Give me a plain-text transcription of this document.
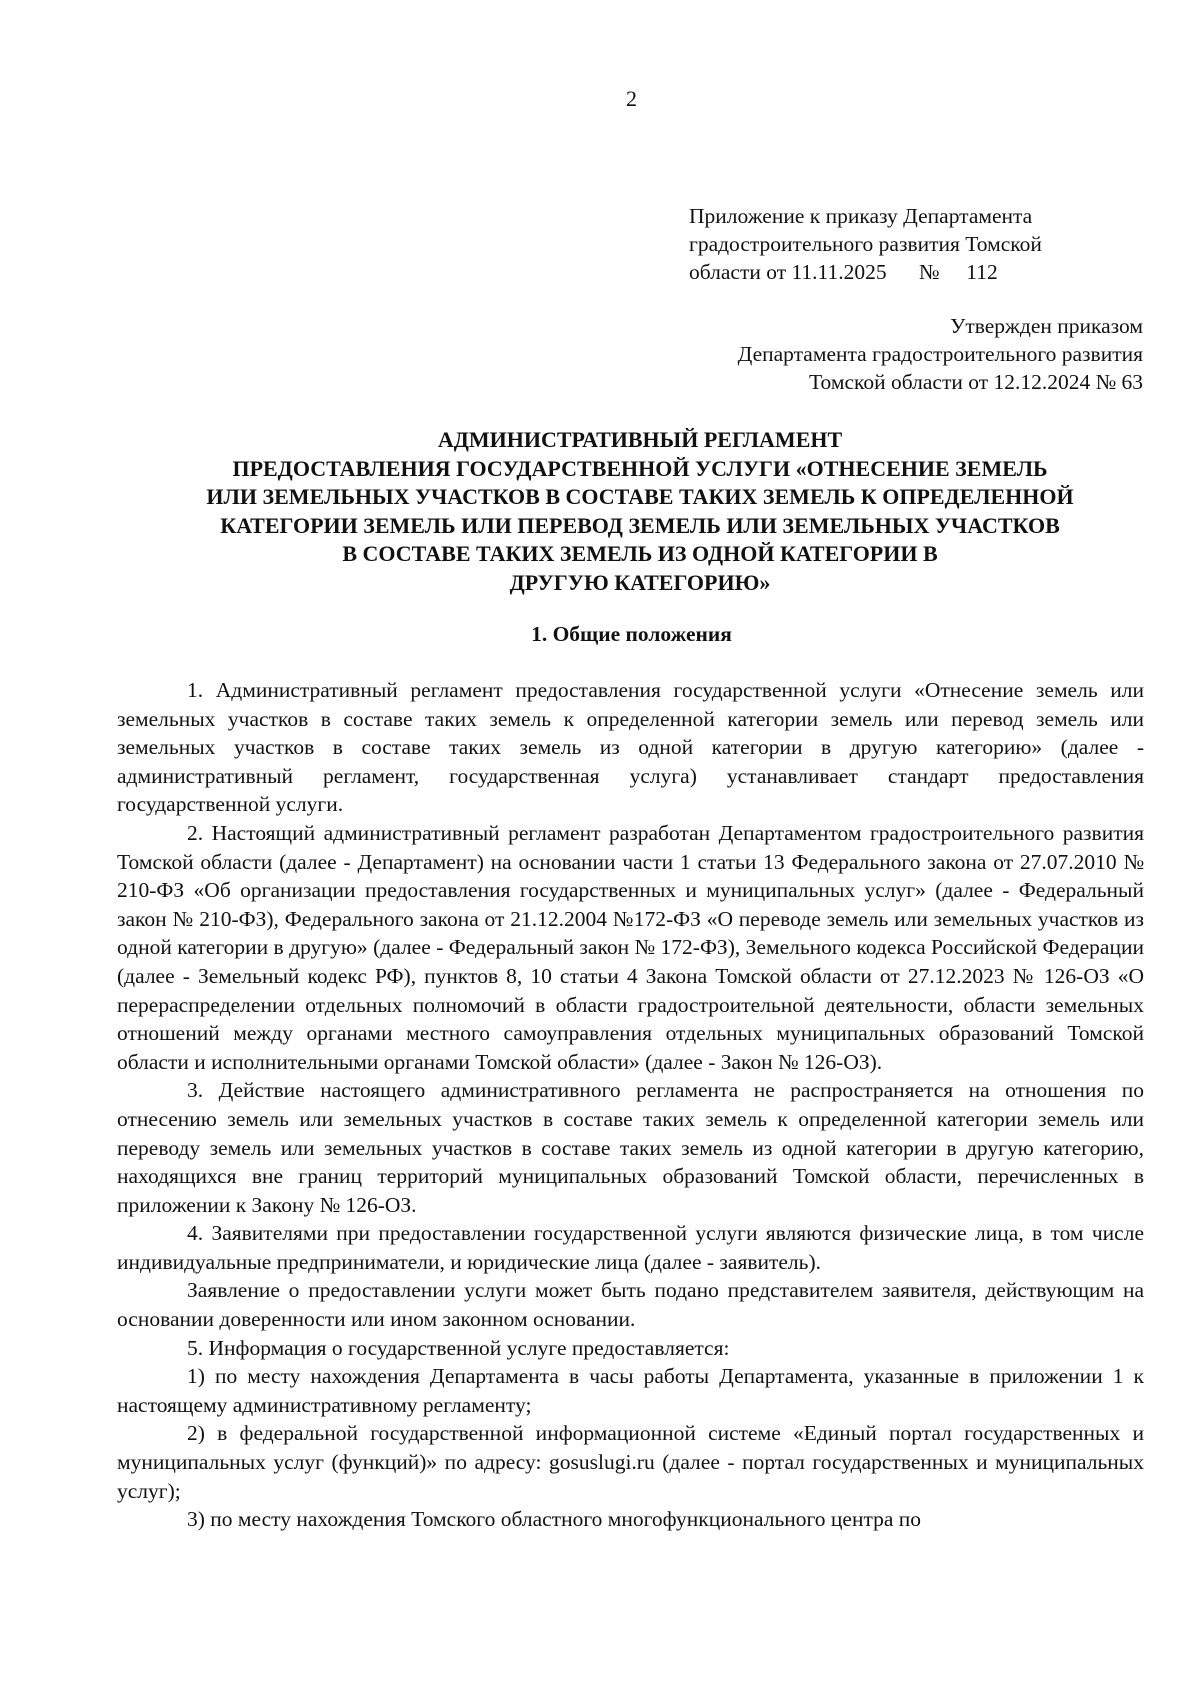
2
Приложение к приказу Департамента
градостроительного развития Томской
области от 11.11.2025      №     112
Утвержден приказом
Департамента градостроительного развития
Томской области от 12.12.2024 № 63
АДМИНИСТРАТИВНЫЙ РЕГЛАМЕНТ
ПРЕДОСТАВЛЕНИЯ ГОСУДАРСТВЕННОЙ УСЛУГИ «ОТНЕСЕНИЕ ЗЕМЕЛЬ
ИЛИ ЗЕМЕЛЬНЫХ УЧАСТКОВ В СОСТАВЕ ТАКИХ ЗЕМЕЛЬ К ОПРЕДЕЛЕННОЙ
КАТЕГОРИИ ЗЕМЕЛЬ ИЛИ ПЕРЕВОД ЗЕМЕЛЬ ИЛИ ЗЕМЕЛЬНЫХ УЧАСТКОВ
В СОСТАВЕ ТАКИХ ЗЕМЕЛЬ ИЗ ОДНОЙ КАТЕГОРИИ В
ДРУГУЮ КАТЕГОРИЮ»
1. Общие положения

1. Административный регламент предоставления государственной услуги «Отнесение земель или земельных участков в составе таких земель к определенной категории земель или перевод земель или земельных участков в составе таких земель из одной категории в другую категорию» (далее - административный регламент, государственная услуга) устанавливает стандарт предоставления государственной услуги.

2. Настоящий административный регламент разработан Департаментом градостроительного развития Томской области (далее - Департамент) на основании части 1 статьи 13 Федерального закона от 27.07.2010 № 210-ФЗ «Об организации предоставления государственных и муниципальных услуг» (далее - Федеральный закон № 210-ФЗ), Федерального закона от 21.12.2004 №172-ФЗ «О переводе земель или земельных участков из одной категории в другую» (далее - Федеральный закон № 172-ФЗ), Земельного кодекса Российской Федерации (далее - Земельный кодекс РФ), пунктов 8, 10 статьи 4 Закона Томской области от 27.12.2023 № 126-ОЗ «О перераспределении отдельных полномочий в области градостроительной деятельности, области земельных отношений между органами местного самоуправления отдельных муниципальных образований Томской области и исполнительными органами Томской области» (далее - Закон № 126-ОЗ).

3. Действие настоящего административного регламента не распространяется на отношения по отнесению земель или земельных участков в составе таких земель к определенной категории земель или переводу земель или земельных участков в составе таких земель из одной категории в другую категорию, находящихся вне границ территорий муниципальных образований Томской области, перечисленных в приложении к Закону № 126-ОЗ.

4. Заявителями при предоставлении государственной услуги являются физические лица, в том числе индивидуальные предприниматели, и юридические лица (далее - заявитель).

Заявление о предоставлении услуги может быть подано представителем заявителя, действующим на основании доверенности или ином законном основании.

5. Информация о государственной услуге предоставляется:

1) по месту нахождения Департамента в часы работы Департамента, указанные в приложении 1 к настоящему административному регламенту;

2) в федеральной государственной информационной системе «Единый портал государственных и муниципальных услуг (функций)» по адресу: gosuslugi.ru (далее - портал государственных и муниципальных услуг);

3) по месту нахождения Томского областного многофункционального центра по
